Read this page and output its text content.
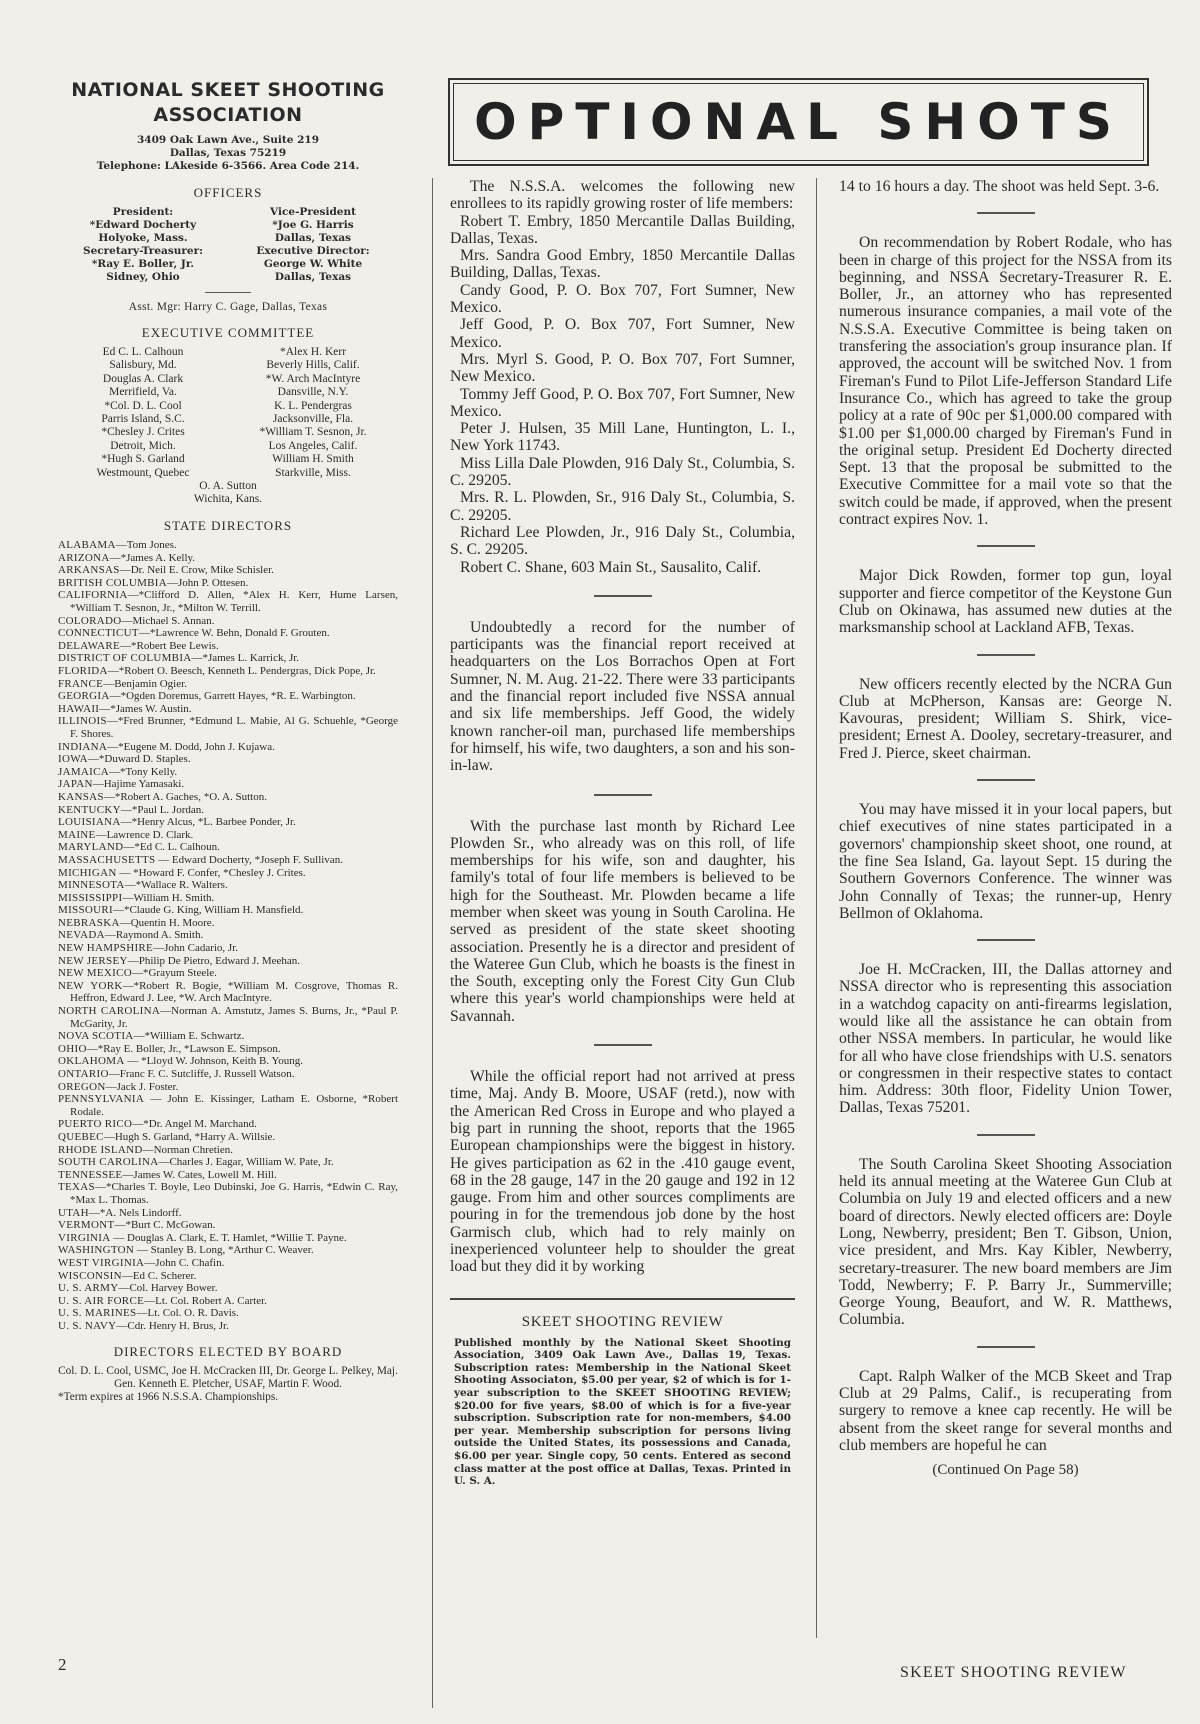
NATIONAL SKEET SHOOTING

ASSOCIATION

3409 Oak Lawn Ave., Suite 219
Dallas, Texas 75219
Telephone: LAkeside 6-3566. Area Code 214.
OFFICERS
President:
*Edward Docherty
Holyoke, Mass.
Secretary-Treasurer:
*Ray E. Boller, Jr.
Sidney, Ohio
Vice-President
*Joe G. Harris
Dallas, Texas
Executive Director:
George W. White
Dallas, Texas
Asst. Mgr: Harry C. Gage, Dallas, Texas
EXECUTIVE COMMITTEE
Ed C. L. Calhoun
Salisbury, Md.
Douglas A. Clark
Merrifield, Va.
*Col. D. L. Cool
Parris Island, S.C.
*Chesley J. Crites
Detroit, Mich.
*Hugh S. Garland
Westmount, Quebec
*Alex H. Kerr
Beverly Hills, Calif.
*W. Arch MacIntyre
Dansville, N.Y.
K. L. Pendergras
Jacksonville, Fla.
*William T. Sesnon, Jr.
Los Angeles, Calif.
William H. Smith
Starkville, Miss.
O. A. Sutton
Wichita, Kans.
STATE DIRECTORS
ALABAMA—Tom Jones.
ARIZONA—*James A. Kelly.
ARKANSAS—Dr. Neil E. Crow, Mike Schisler.
BRITISH COLUMBIA—John P. Ottesen.
CALIFORNIA—*Clifford D. Allen, *Alex H. Kerr, Hume Larsen, *William T. Sesnon, Jr., *Milton W. Terrill.
COLORADO—Michael S. Annan.
CONNECTICUT—*Lawrence W. Behn, Donald F. Grouten.
DELAWARE—*Robert Bee Lewis.
DISTRICT OF COLUMBIA—*James L. Karrick, Jr.
FLORIDA—*Robert O. Beesch, Kenneth L. Pendergras, Dick Pope, Jr.
FRANCE—Benjamin Ogier.
GEORGIA—*Ogden Doremus, Garrett Hayes, *R. E. Warbington.
HAWAII—*James W. Austin.
ILLINOIS—*Fred Brunner, *Edmund L. Mabie, Al G. Schuehle, *George F. Shores.
INDIANA—*Eugene M. Dodd, John J. Kujawa.
IOWA—*Duward D. Staples.
JAMAICA—*Tony Kelly.
JAPAN—Hajime Yamasaki.
KANSAS—*Robert A. Gaches, *O. A. Sutton.
KENTUCKY—*Paul L. Jordan.
LOUISIANA—*Henry Alcus, *L. Barbee Ponder, Jr.
MAINE—Lawrence D. Clark.
MARYLAND—*Ed C. L. Calhoun.
MASSACHUSETTS — Edward Docherty, *Joseph F. Sullivan.
MICHIGAN — *Howard F. Confer, *Chesley J. Crites.
MINNESOTA—*Wallace R. Walters.
MISSISSIPPI—William H. Smith.
MISSOURI—*Claude G. King, William H. Mansfield.
NEBRASKA—Quentin H. Moore.
NEVADA—Raymond A. Smith.
NEW HAMPSHIRE—John Cadario, Jr.
NEW JERSEY—Philip De Pietro, Edward J. Meehan.
NEW MEXICO—*Grayum Steele.
NEW YORK—*Robert R. Bogie, *William M. Cosgrove, Thomas R. Heffron, Edward J. Lee, *W. Arch MacIntyre.
NORTH CAROLINA—Norman A. Amstutz, James S. Burns, Jr., *Paul P. McGarity, Jr.
NOVA SCOTIA—*William E. Schwartz.
OHIO—*Ray E. Boller, Jr., *Lawson E. Simpson.
OKLAHOMA — *Lloyd W. Johnson, Keith B. Young.
ONTARIO—Franc F. C. Sutcliffe, J. Russell Watson.
OREGON—Jack J. Foster.
PENNSYLVANIA — John E. Kissinger, Latham E. Osborne, *Robert Rodale.
PUERTO RICO—*Dr. Angel M. Marchand.
QUEBEC—Hugh S. Garland, *Harry A. Willsie.
RHODE ISLAND—Norman Chretien.
SOUTH CAROLINA—Charles J. Eagar, William W. Pate, Jr.
TENNESSEE—James W. Cates, Lowell M. Hill.
TEXAS—*Charles T. Boyle, Leo Dubinski, Joe G. Harris, *Edwin C. Ray, *Max L. Thomas.
UTAH—*A. Nels Lindorff.
VERMONT—*Burt C. McGowan.
VIRGINIA — Douglas A. Clark, E. T. Hamlet, *Willie T. Payne.
WASHINGTON — Stanley B. Long, *Arthur C. Weaver.
WEST VIRGINIA—John C. Chafin.
WISCONSIN—Ed C. Scherer.
U. S. ARMY—Col. Harvey Bower.
U. S. AIR FORCE—Lt. Col. Robert A. Carter.
U. S. MARINES—Lt. Col. O. R. Davis.
U. S. NAVY—Cdr. Henry H. Brus, Jr.
DIRECTORS ELECTED BY BOARD
Col. D. L. Cool, USMC, Joe H. McCracken III, Dr. George L. Pelkey, Maj. Gen. Kenneth E. Pletcher, USAF, Martin F. Wood.
*Term expires at 1966 N.S.S.A. Championships.
OPTIONAL SHOTS

The N.S.S.A. welcomes the following new enrollees to its rapidly growing roster of life members:

Robert T. Embry, 1850 Mercantile Dallas Building, Dallas, Texas.

Mrs. Sandra Good Embry, 1850 Mercantile Dallas Building, Dallas, Texas.

Candy Good, P. O. Box 707, Fort Sumner, New Mexico.

Jeff Good, P. O. Box 707, Fort Sumner, New Mexico.

Mrs. Myrl S. Good, P. O. Box 707, Fort Sumner, New Mexico.

Tommy Jeff Good, P. O. Box 707, Fort Sumner, New Mexico.

Peter J. Hulsen, 35 Mill Lane, Huntington, L. I., New York 11743.

Miss Lilla Dale Plowden, 916 Daly St., Columbia, S. C. 29205.

Mrs. R. L. Plowden, Sr., 916 Daly St., Columbia, S. C. 29205.

Richard Lee Plowden, Jr., 916 Daly St., Columbia, S. C. 29205.

Robert C. Shane, 603 Main St., Sausalito, Calif.

Undoubtedly a record for the number of participants was the financial report received at headquarters on the Los Borrachos Open at Fort Sumner, N. M. Aug. 21-22. There were 33 participants and the financial report included five NSSA annual and six life memberships. Jeff Good, the widely known rancher-oil man, purchased life memberships for himself, his wife, two daughters, a son and his son-in-law.

With the purchase last month by Richard Lee Plowden Sr., who already was on this roll, of life memberships for his wife, son and daughter, his family's total of four life members is believed to be high for the Southeast. Mr. Plowden became a life member when skeet was young in South Carolina. He served as president of the state skeet shooting association. Presently he is a director and president of the Wateree Gun Club, which he boasts is the finest in the South, excepting only the Forest City Gun Club where this year's world championships were held at Savannah.

While the official report had not arrived at press time, Maj. Andy B. Moore, USAF (retd.), now with the American Red Cross in Europe and who played a big part in running the shoot, reports that the 1965 European championships were the biggest in history. He gives participation as 62 in the .410 gauge event, 68 in the 28 gauge, 147 in the 20 gauge and 192 in 12 gauge. From him and other sources compliments are pouring in for the tremendous job done by the host Garmisch club, which had to rely mainly on inexperienced volunteer help to shoulder the great load but they did it by working

SKEET SHOOTING REVIEW

Published monthly by the National Skeet Shooting Association, 3409 Oak Lawn Ave., Dallas 19, Texas. Subscription rates: Membership in the National Skeet Shooting Associaton, $5.00 per year, $2 of which is for 1-year subscription to the SKEET SHOOTING REVIEW; $20.00 for five years, $8.00 of which is for a five-year subscription. Subscription rate for non-members, $4.00 per year. Membership subscription for persons living outside the United States, its possessions and Canada, $6.00 per year. Single copy, 50 cents. Entered as second class matter at the post office at Dallas, Texas. Printed in U. S. A.

14 to 16 hours a day. The shoot was held Sept. 3-6.

On recommendation by Robert Rodale, who has been in charge of this project for the NSSA from its beginning, and NSSA Secretary-Treasurer R. E. Boller, Jr., an attorney who has represented numerous insurance companies, a mail vote of the N.S.S.A. Executive Committee is being taken on transfering the association's group insurance plan. If approved, the account will be switched Nov. 1 from Fireman's Fund to Pilot Life-Jefferson Standard Life Insurance Co., which has agreed to take the group policy at a rate of 90c per $1,000.00 compared with $1.00 per $1,000.00 charged by Fireman's Fund in the original setup. President Ed Docherty directed Sept. 13 that the proposal be submitted to the Executive Committee for a mail vote so that the switch could be made, if approved, when the present contract expires Nov. 1.

Major Dick Rowden, former top gun, loyal supporter and fierce competitor of the Keystone Gun Club on Okinawa, has assumed new duties at the marksmanship school at Lackland AFB, Texas.

New officers recently elected by the NCRA Gun Club at McPherson, Kansas are: George N. Kavouras, president; William S. Shirk, vice-president; Ernest A. Dooley, secretary-treasurer, and Fred J. Pierce, skeet chairman.

You may have missed it in your local papers, but chief executives of nine states participated in a governors' championship skeet shoot, one round, at the fine Sea Island, Ga. layout Sept. 15 during the Southern Governors Conference. The winner was John Connally of Texas; the runner-up, Henry Bellmon of Oklahoma.

Joe H. McCracken, III, the Dallas attorney and NSSA director who is representing this association in a watchdog capacity on anti-firearms legislation, would like all the assistance he can obtain from other NSSA members. In particular, he would like for all who have close friendships with U.S. senators or congressmen in their respective states to contact him. Address: 30th floor, Fidelity Union Tower, Dallas, Texas 75201.

The South Carolina Skeet Shooting Association held its annual meeting at the Wateree Gun Club at Columbia on July 19 and elected officers and a new board of directors. Newly elected officers are: Doyle Long, Newberry, president; Ben T. Gibson, Union, vice president, and Mrs. Kay Kibler, Newberry, secretary-treasurer. The new board members are Jim Todd, Newberry; F. P. Barry Jr., Summerville; George Young, Beaufort, and W. R. Matthews, Columbia.

Capt. Ralph Walker of the MCB Skeet and Trap Club at 29 Palms, Calif., is recuperating from surgery to remove a knee cap recently. He will be absent from the skeet range for several months and club members are hopeful he can

(Continued On Page 58)
2	SKEET SHOOTING REVIEW
